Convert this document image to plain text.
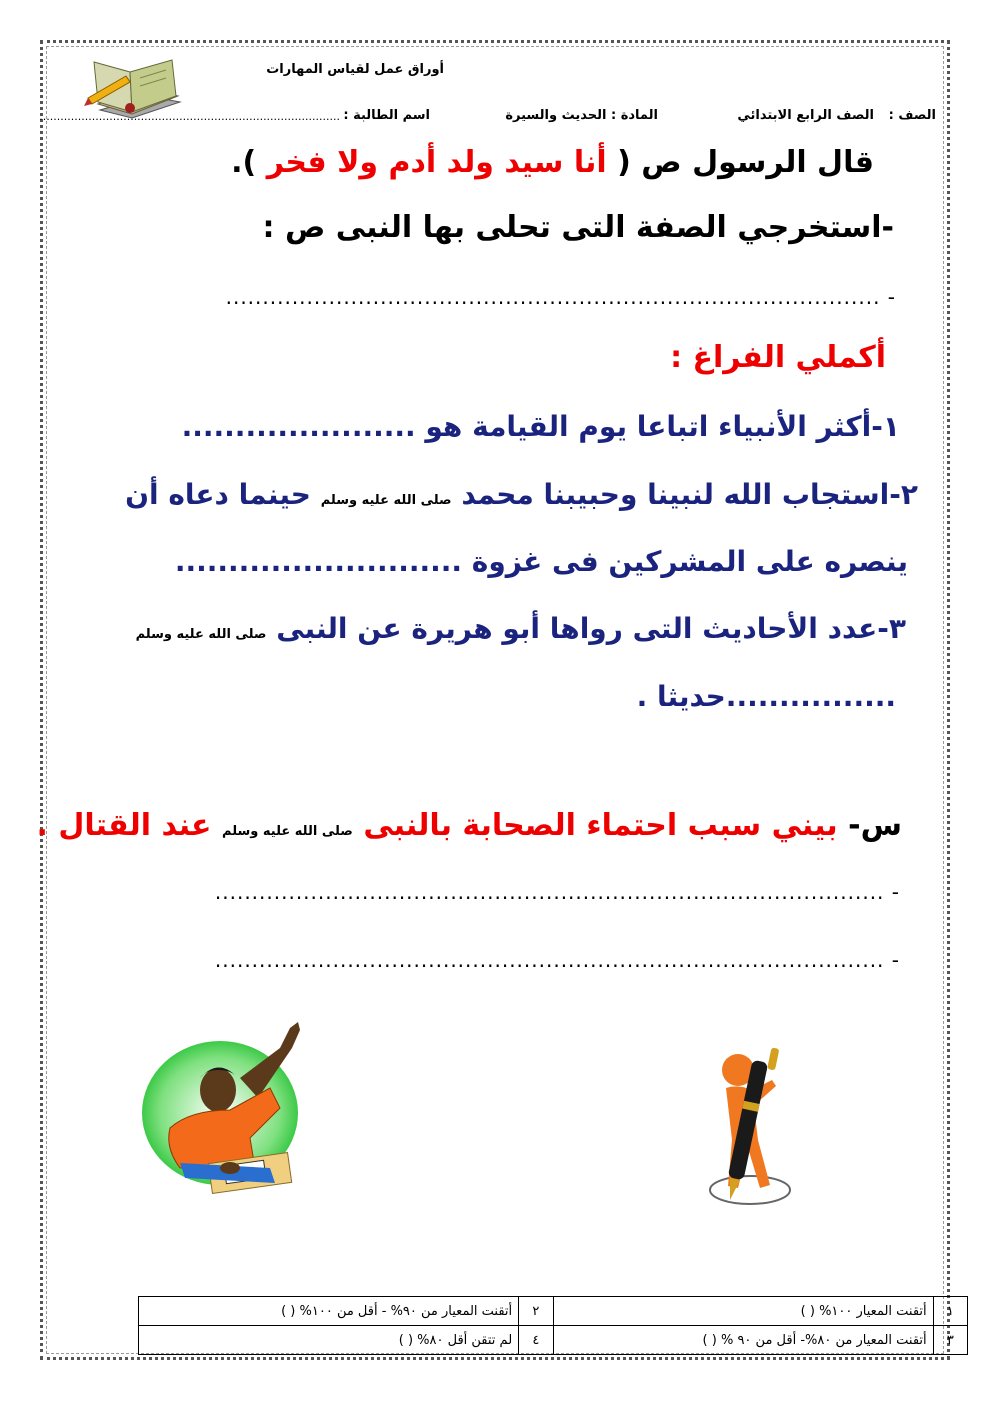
أوراق عمل لقياس المهارات
الصف :
الصف الرابع الابتدائي
المادة : الحديث والسيرة
اسم الطالبة :
......................................................................................
قال الرسول ص ( أنا سيد ولد أدم ولا فخر ).
-استخرجي الصفة التى تحلى بها النبى ص :
- .........................................................................................
أكملي الفراغ :
١-أكثر الأنبياء اتباعا يوم القيامة هو ......................
٢-استجاب الله لنبينا وحبيبنا محمد صلى الله عليه وسلم حينما دعاه أن
ينصره على المشركين فى غزوة ...........................
٣-عدد الأحاديث التى رواها أبو هريرة عن النبى صلى الله عليه وسلم
................حديثا .
س- بيني سبب احتماء الصحابة بالنبى صلى الله عليه وسلم عند القتال .
- ...........................................................................................
- ...........................................................................................
١	أتقنت المعيار ١٠٠% ( )	٢	أتقنت المعيار من ٩٠% - أقل من ١٠٠% ( )
٣	أتقنت المعيار من ٨٠%- أقل من ٩٠ % ( )	٤	لم تتقن أقل ٨٠% ( )
